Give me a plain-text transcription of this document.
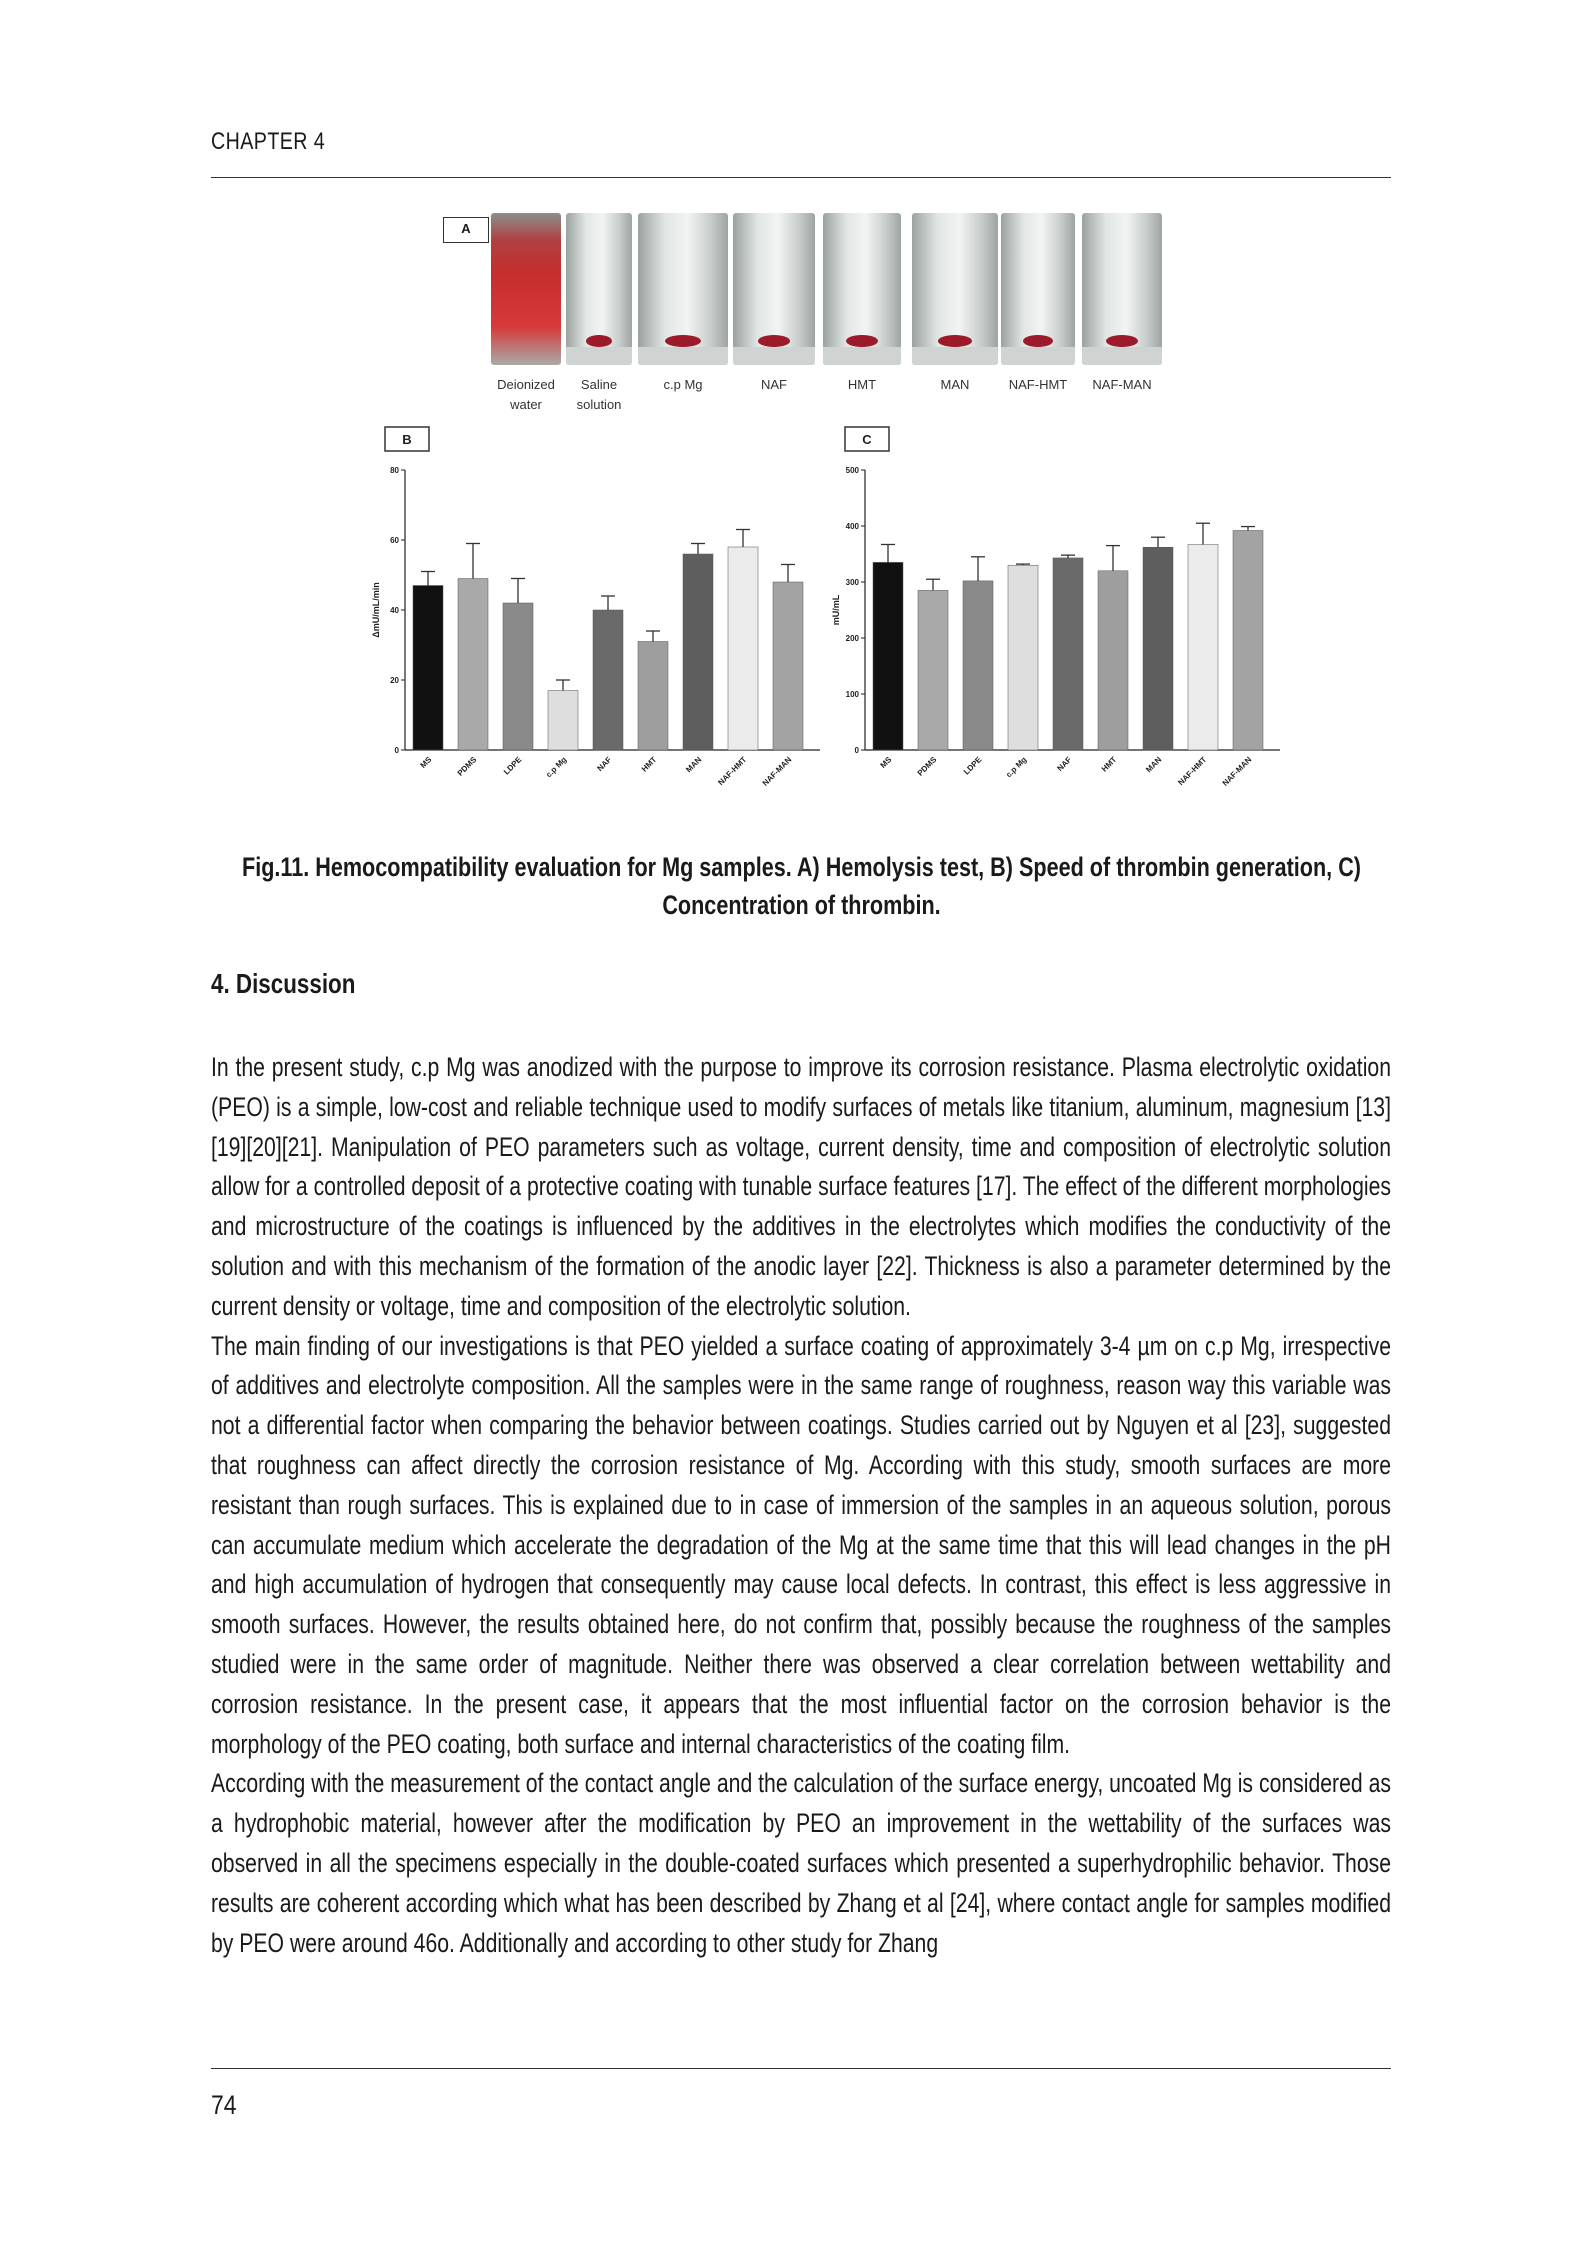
CHAPTER 4
A
Deionized
water
Saline
solution
c.p Mg	NAF	HMT	MAN	NAF-HMT	NAF-MAN
B
0
20
40
60
80
ΔmU/mL/min
MS	PDMS	LDPE	c.p Mg	NAF	HMT	MAN NAF-HMT NAF-MAN
C
0
100
200
300
400
500
mU/mL
MS	PDMS	LDPE	c.p Mg	NAF	HMT	MAN NAF-HMT NAF-MAN
Fig.11. Hemocompatibility evaluation for Mg samples. A) Hemolysis test, B) Speed of thrombin generation, C) Concentration of thrombin.
4. Discussion

In the present study, c.p Mg was anodized with the purpose to improve its corrosion resistance. Plasma electrolytic oxidation (PEO) is a simple, low-cost and reliable technique used to modify surfaces of metals like titanium, aluminum, magnesium [13][19][20][21]. Manipulation of PEO parameters such as voltage, current density, time and composition of electrolytic solution allow for a controlled deposit of a protective coating with tunable surface features [17]. The effect of the different morphologies and microstructure of the coatings is influenced by the additives in the electrolytes which modifies the conductivity of the solution and with this mechanism of the formation of the anodic layer [22]. Thickness is also a parameter determined by the current density or voltage, time and composition of the electrolytic solution.

The main finding of our investigations is that PEO yielded a surface coating of approximately 3-4 µm on c.p Mg, irrespective of additives and electrolyte composition. All the samples were in the same range of roughness, reason way this variable was not a differential factor when comparing the behavior between coatings. Studies carried out by Nguyen et al [23], suggested that roughness can affect directly the corrosion resistance of Mg. According with this study, smooth surfaces are more resistant than rough surfaces. This is explained due to in case of immersion of the samples in an aqueous solution, porous can accumulate medium which accelerate the degradation of the Mg at the same time that this will lead changes in the pH and high accumulation of hydrogen that consequently may cause local defects. In contrast, this effect is less aggressive in smooth surfaces. However, the results obtained here, do not confirm that, possibly because the roughness of the samples studied were in the same order of magnitude. Neither there was observed a clear correlation between wettability and corrosion resistance. In the present case, it appears that the most influential factor on the corrosion behavior is the morphology of the PEO coating, both surface and internal characteristics of the coating film.

According with the measurement of the contact angle and the calculation of the surface energy, uncoated Mg is considered as a hydrophobic material, however after the modification by PEO an improvement in the wettability of the surfaces was observed in all the specimens especially in the double-coated surfaces which presented a superhydrophilic behavior. Those results are coherent according which what has been described by Zhang et al [24], where contact angle for samples modified by PEO were around 46o. Additionally and according to other study for Zhang

74
